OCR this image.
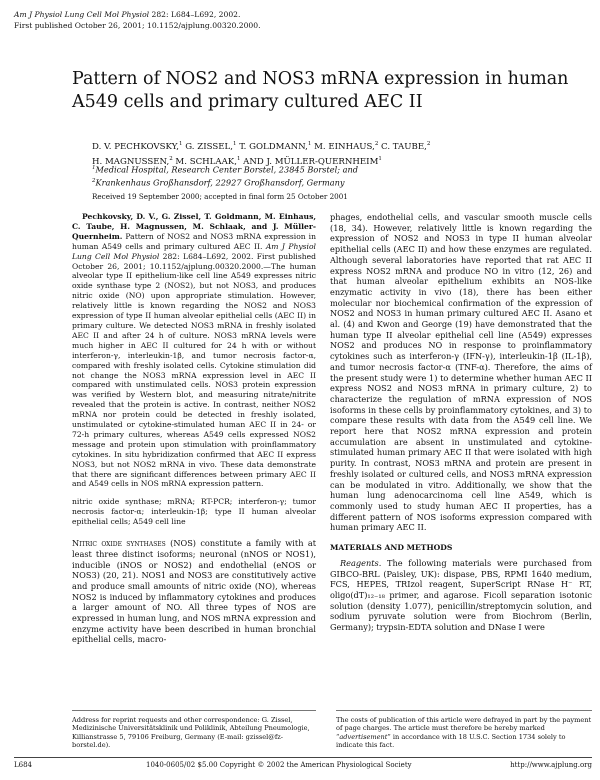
Am J Physiol Lung Cell Mol Physiol 282: L684–L692, 2002.
First published October 26, 2001; 10.1152/ajplung.00320.2000.
Pattern of NOS2 and NOS3 mRNA expression in human A549 cells and primary cultured AEC II
D. V. PECHKOVSKY,$^1$ G. ZISSEL,$^1$ T. GOLDMANN,$^1$ M. EINHAUS,$^2$ C. TAUBE,$^2$
H. MAGNUSSEN,$^2$ M. SCHLAAK,$^1$ AND J. MÜLLER-QUERNHEIM$^1$
$^1$Medical Hospital, Research Center Borstel, 23845 Borstel; and
$^2$Krankenhaus Großhansdorf, 22927 Großhansdorf, Germany
Received 19 September 2000; accepted in final form 25 October 2001

Pechkovsky, D. V., G. Zissel, T. Goldmann, M. Einhaus, C. Taube, H. Magnussen, M. Schlaak, and J. Müller-Quernheim. Pattern of NOS2 and NOS3 mRNA expression in human A549 cells and primary cultured AEC II. Am J Physiol Lung Cell Mol Physiol 282: L684–L692, 2002. First published October 26, 2001; 10.1152/ajplung.00320.2000.—The human alveolar type II epithelium-like cell line A549 expresses nitric oxide synthase type 2 (NOS2), but not NOS3, and produces nitric oxide (NO) upon appropriate stimulation. However, relatively little is known regarding the NOS2 and NOS3 expression of type II human alveolar epithelial cells (AEC II) in primary culture. We detected NOS3 mRNA in freshly isolated AEC II and after 24 h of culture. NOS3 mRNA levels were much higher in AEC II cultured for 24 h with or without interferon-γ, interleukin-1β, and tumor necrosis factor-α, compared with freshly isolated cells. Cytokine stimulation did not change the NOS3 mRNA expression level in AEC II compared with unstimulated cells. NOS3 protein expression was verified by Western blot, and measuring nitrate/nitrite revealed that the protein is active. In contrast, neither NOS2 mRNA nor protein could be detected in freshly isolated, unstimulated or cytokine-stimulated human AEC II in 24- or 72-h primary cultures, whereas A549 cells expressed NOS2 message and protein upon stimulation with proinflammatory cytokines. In situ hybridization confirmed that AEC II express NOS3, but not NOS2 mRNA in vivo. These data demonstrate that there are significant differences between primary AEC II and A549 cells in NOS mRNA expression pattern.

nitric oxide synthase; mRNA; RT-PCR; interferon-γ; tumor necrosis factor-α; interleukin-1β; type II human alveolar epithelial cells; A549 cell line

Nitric oxide synthases (NOS) constitute a family with at least three distinct isoforms; neuronal (nNOS or NOS1), inducible (iNOS or NOS2) and endothelial (eNOS or NOS3) (20, 21). NOS1 and NOS3 are constitutively active and produce small amounts of nitric oxide (NO), whereas NOS2 is induced by inflammatory cytokines and produces a larger amount of NO. All three types of NOS are expressed in human lung, and NOS mRNA expression and enzyme activity have been described in human bronchial epithelial cells, macro-

phages, endothelial cells, and vascular smooth muscle cells (18, 34). However, relatively little is known regarding the expression of NOS2 and NOS3 in type II human alveolar epithelial cells (AEC II) and how these enzymes are regulated. Although several laboratories have reported that rat AEC II express NOS2 mRNA and produce NO in vitro (12, 26) and that human alveolar epithelium exhibits an NOS-like enzymatic activity in vivo (18), there has been either molecular nor biochemical confirmation of the expression of NOS2 and NOS3 in human primary cultured AEC II. Asano et al. (4) and Kwon and George (19) have demonstrated that the human type II alveolar epithelial cell line (A549) expresses NOS2 and produces NO in response to proinflammatory cytokines such as interferon-γ (IFN-γ), interleukin-1β (IL-1β), and tumor necrosis factor-α (TNF-α). Therefore, the aims of the present study were 1) to determine whether human AEC II express NOS2 and NOS3 mRNA in primary culture, 2) to characterize the regulation of mRNA expression of NOS isoforms in these cells by proinflammatory cytokines, and 3) to compare these results with data from the A549 cell line. We report here that NOS2 mRNA expression and protein accumulation are absent in unstimulated and cytokine-stimulated human primary AEC II that were isolated with high purity. In contrast, NOS3 mRNA and protein are present in freshly isolated or cultured cells, and NOS3 mRNA expression can be modulated in vitro. Additionally, we show that the human lung adenocarcinoma cell line A549, which is commonly used to study human AEC II properties, has a different pattern of NOS isoforms expression compared with human primary AEC II.

MATERIALS AND METHODS

Reagents. The following materials were purchased from GIBCO-BRL (Paisley, UK): dispase, PBS, RPMI 1640 medium, FCS, HEPES, TRIzol reagent, SuperScript RNase H⁻ RT, oligo(dT)₁₂₋₁₈ primer, and agarose. Ficoll separation isotonic solution (density 1.077), penicillin/streptomycin solution, and sodium pyruvate solution were from Biochrom (Berlin, Germany); trypsin-EDTA solution and DNase I were

Address for reprint requests and other correspondence: G. Zissel, Medizinische Universitätsklinik und Poliklinik, Abteilung Pneumologie, Killianstrasse 5, 79106 Freiburg, Germany (E-mail: gzissel@fz-borstel.de).
The costs of publication of this article were defrayed in part by the payment of page charges. The article must therefore be hereby marked “advertisement” in accordance with 18 U.S.C. Section 1734 solely to indicate this fact.
L684	1040-0605/02 $5.00 Copyright © 2002 the American Physiological Society	http://www.ajplung.org
